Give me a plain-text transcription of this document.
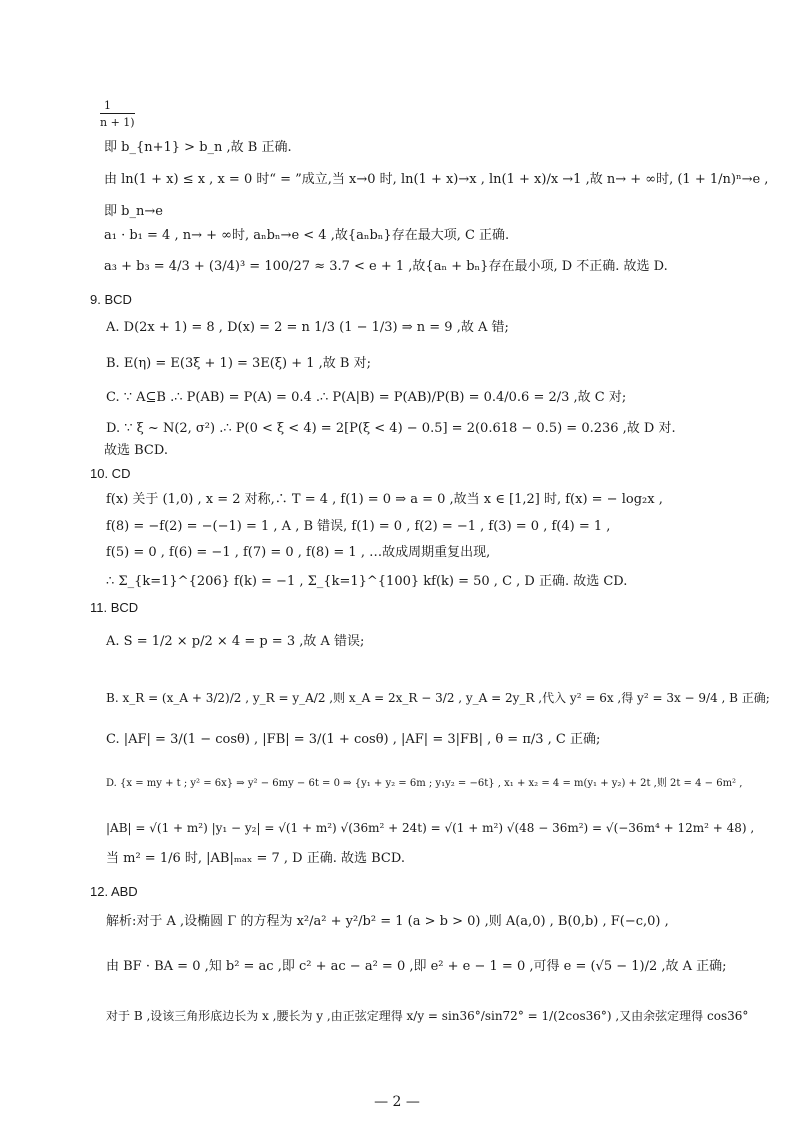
1
n + 1)
即 b_{n+1} > b_n ,故 B 正确.
由 ln(1 + x) ≤ x , x = 0 时“ = ”成立,当 x→0 时, ln(1 + x)→x , ln(1 + x)/x →1 ,故 n→ + ∞时, (1 + 1/n)ⁿ→e ,
即 b_n→e
a₁ · b₁ = 4 , n→ + ∞时, aₙbₙ→e < 4 ,故{aₙbₙ}存在最大项, C 正确.
a₃ + b₃ = 4/3 + (3/4)³ = 100/27 ≈ 3.7 < e + 1 ,故{aₙ + bₙ}存在最小项, D 不正确. 故选 D.
9. BCD
A. D(2x + 1) = 8 , D(x) = 2 = n 1/3 (1 − 1/3) ⇒ n = 9 ,故 A 错;
B. E(η) = E(3ξ + 1) = 3E(ξ) + 1 ,故 B 对;
C. ∵ A⊆B .∴ P(AB) = P(A) = 0.4 .∴ P(A|B) = P(AB)/P(B) = 0.4/0.6 = 2/3 ,故 C 对;
D. ∵ ξ ~ N(2, σ²) .∴ P(0 < ξ < 4) = 2[P(ξ < 4) − 0.5] = 2(0.618 − 0.5) = 0.236 ,故 D 对.
故选 BCD.
10. CD
f(x) 关于 (1,0) , x = 2 对称,∴ T = 4 , f(1) = 0 ⇒ a = 0 ,故当 x ∈ [1,2] 时, f(x) = − log₂x ,
f(8) = −f(2) = −(−1) = 1 , A , B 错误, f(1) = 0 , f(2) = −1 , f(3) = 0 , f(4) = 1 ,
f(5) = 0 , f(6) = −1 , f(7) = 0 , f(8) = 1 , …故成周期重复出现,
∴ Σ_{k=1}^{206} f(k) = −1 , Σ_{k=1}^{100} kf(k) = 50 , C , D 正确. 故选 CD.
11. BCD
A. S = 1/2 × p/2 × 4 = p = 3 ,故 A 错误;
B. x_R = (x_A + 3/2)/2 , y_R = y_A/2 ,则 x_A = 2x_R − 3/2 , y_A = 2y_R ,代入 y² = 6x ,得 y² = 3x − 9/4 , B 正确;
C. |AF| = 3/(1 − cosθ) , |FB| = 3/(1 + cosθ) , |AF| = 3|FB| , θ = π/3 , C 正确;
D. {x = my + t ; y² = 6x} ⇒ y² − 6my − 6t = 0 ⇒ {y₁ + y₂ = 6m ; y₁y₂ = −6t} , x₁ + x₂ = 4 = m(y₁ + y₂) + 2t ,则 2t = 4 − 6m² ,
|AB| = √(1 + m²) |y₁ − y₂| = √(1 + m²) √(36m² + 24t) = √(1 + m²) √(48 − 36m²) = √(−36m⁴ + 12m² + 48) ,
当 m² = 1/6 时, |AB|ₘₐₓ = 7 , D 正确. 故选 BCD.
12. ABD
解析:对于 A ,设椭圆 Γ 的方程为 x²/a² + y²/b² = 1 (a > b > 0) ,则 A(a,0) , B(0,b) , F(−c,0) ,
由 BF · BA = 0 ,知 b² = ac ,即 c² + ac − a² = 0 ,即 e² + e − 1 = 0 ,可得 e = (√5 − 1)/2 ,故 A 正确;
对于 B ,设该三角形底边长为 x ,腰长为 y ,由正弦定理得 x/y = sin36°/sin72° = 1/(2cos36°) ,又由余弦定理得 cos36°
— 2 —
